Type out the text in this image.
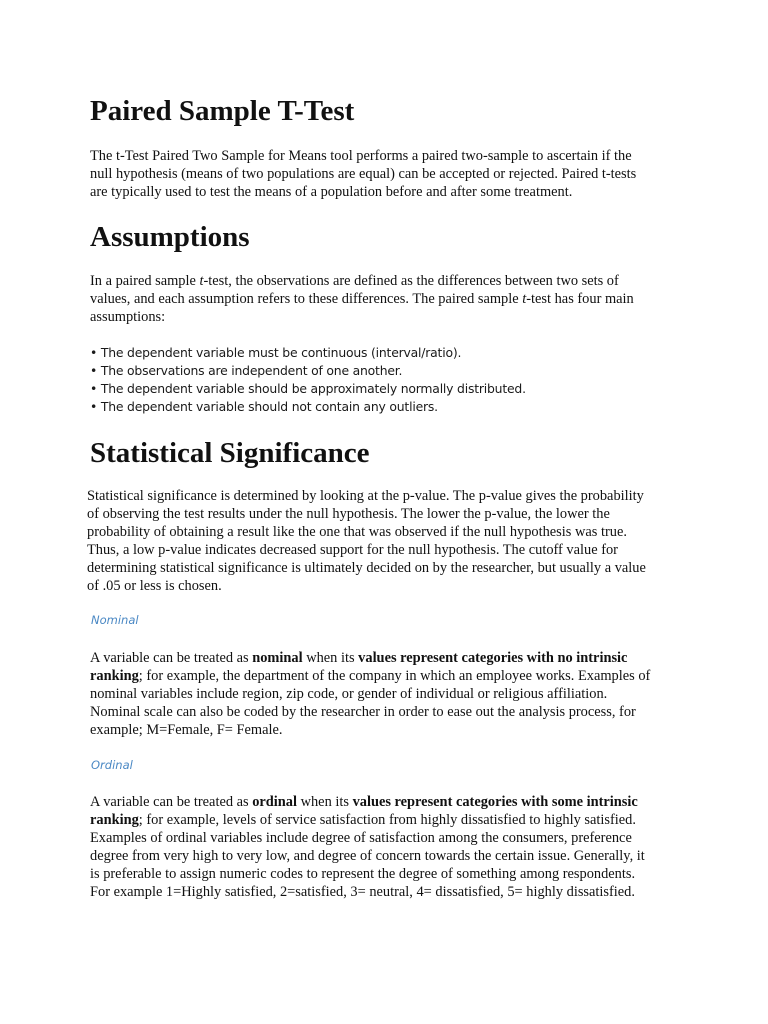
Paired Sample T-Test
The t-Test Paired Two Sample for Means tool performs a paired two-sample to ascertain if the
null hypothesis (means of two populations are equal) can be accepted or rejected. Paired t-tests
are typically used to test the means of a population before and after some treatment.
Assumptions
In a paired sample t-test, the observations are defined as the differences between two sets of
values, and each assumption refers to these differences. The paired sample t-test has four main
assumptions:
• The dependent variable must be continuous (interval/ratio).
• The observations are independent of one another.
• The dependent variable should be approximately normally distributed.
• The dependent variable should not contain any outliers.
Statistical Significance
Statistical significance is determined by looking at the p-value. The p-value gives the probability
of observing the test results under the null hypothesis. The lower the p-value, the lower the
probability of obtaining a result like the one that was observed if the null hypothesis was true.
Thus, a low p-value indicates decreased support for the null hypothesis. The cutoff value for
determining statistical significance is ultimately decided on by the researcher, but usually a value
of .05 or less is chosen.
Nominal
A variable can be treated as nominal when its values represent categories with no intrinsic
ranking; for example, the department of the company in which an employee works. Examples of
nominal variables include region, zip code, or gender of individual or religious affiliation.
Nominal scale can also be coded by the researcher in order to ease out the analysis process, for
example; M=Female, F= Female.
Ordinal
A variable can be treated as ordinal when its values represent categories with some intrinsic
ranking; for example, levels of service satisfaction from highly dissatisfied to highly satisfied.
Examples of ordinal variables include degree of satisfaction among the consumers, preference
degree from very high to very low, and degree of concern towards the certain issue. Generally, it
is preferable to assign numeric codes to represent the degree of something among respondents.
For example 1=Highly satisfied, 2=satisfied, 3= neutral, 4= dissatisfied, 5= highly dissatisfied.
